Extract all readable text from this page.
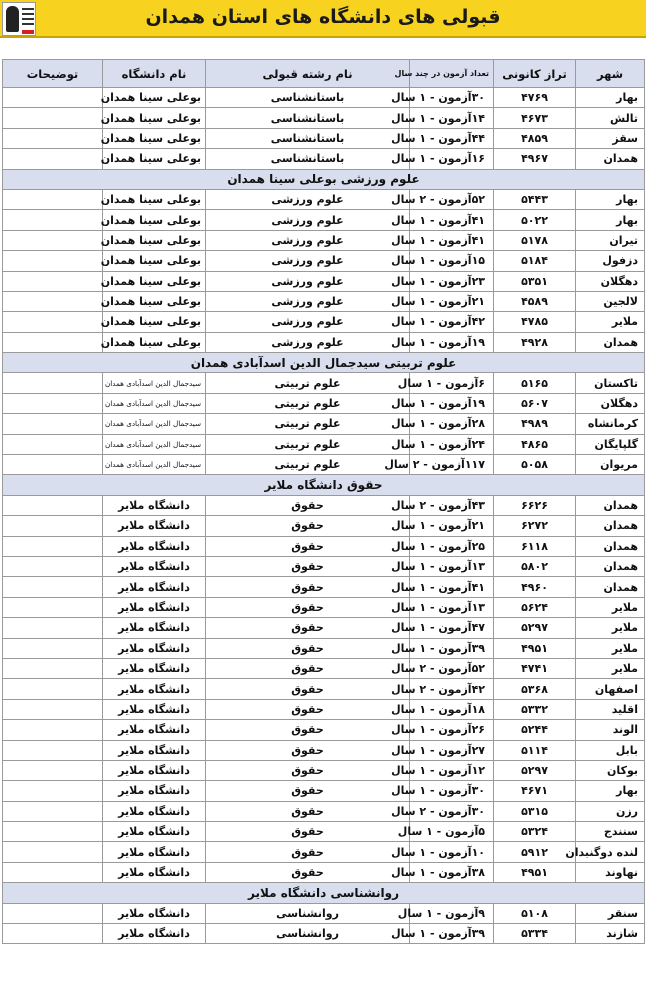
قبولی های دانشگاه های استان همدان
شهر	تراز کانونی	تعداد آزمون در چند سال	نام رشته قبولی	نام دانشگاه	توضیحات
بهار	۴۷۶۹	۳۰آزمون - ۱ سال	باستانشناسی	بوعلی سینا همدان	
تالش	۴۶۷۳	۱۴آزمون - ۱ سال	باستانشناسی	بوعلی سینا همدان	
سقز	۴۸۵۹	۴۴آزمون - ۱ سال	باستانشناسی	بوعلی سینا همدان	
همدان	۴۹۶۷	۱۶آزمون - ۱ سال	باستانشناسی	بوعلی سینا همدان	
علوم ورزشی بوعلی سینا همدان					
بهار	۵۴۴۳	۵۲آزمون - ۲ سال	علوم ورزشی	بوعلی سینا همدان	
بهار	۵۰۲۲	۴۱آزمون - ۱ سال	علوم ورزشی	بوعلی سینا همدان	
تیران	۵۱۷۸	۴۱آزمون - ۱ سال	علوم ورزشی	بوعلی سینا همدان	
دزفول	۵۱۸۴	۱۵آزمون - ۱ سال	علوم ورزشی	بوعلی سینا همدان	
دهگلان	۵۳۵۱	۲۳آزمون - ۱ سال	علوم ورزشی	بوعلی سینا همدان	
لالجین	۴۵۸۹	۲۱آزمون - ۱ سال	علوم ورزشی	بوعلی سینا همدان	
ملایر	۴۷۸۵	۴۲آزمون - ۱ سال	علوم ورزشی	بوعلی سینا همدان	
همدان	۴۹۲۸	۱۹آزمون - ۱ سال	علوم ورزشی	بوعلی سینا همدان	
علوم تربیتی سیدجمال الدین اسدآبادی همدان					
تاکستان	۵۱۶۵	۶آزمون - ۱ سال	علوم تربیتی	سیدجمال الدین اسدآبادی همدان	
دهگلان	۵۶۰۷	۱۹آزمون - ۱ سال	علوم تربیتی	سیدجمال الدین اسدآبادی همدان	
کرمانشاه	۴۹۸۹	۲۸آزمون - ۱ سال	علوم تربیتی	سیدجمال الدین اسدآبادی همدان	
گلپایگان	۴۸۶۵	۲۴آزمون - ۱ سال	علوم تربیتی	سیدجمال الدین اسدآبادی همدان	
مریوان	۵۰۵۸	۱۱۷آزمون - ۲ سال	علوم تربیتی	سیدجمال الدین اسدآبادی همدان	
حقوق دانشگاه ملایر					
همدان	۶۶۲۶	۴۳آزمون - ۲ سال	حقوق	دانشگاه ملایر	
همدان	۶۲۷۲	۲۱آزمون - ۱ سال	حقوق	دانشگاه ملایر	
همدان	۶۱۱۸	۲۵آزمون - ۱ سال	حقوق	دانشگاه ملایر	
همدان	۵۸۰۲	۱۳آزمون - ۱ سال	حقوق	دانشگاه ملایر	
همدان	۴۹۶۰	۴۱آزمون - ۱ سال	حقوق	دانشگاه ملایر	
ملایر	۵۶۲۴	۱۳آزمون - ۱ سال	حقوق	دانشگاه ملایر	
ملایر	۵۲۹۷	۴۷آزمون - ۱ سال	حقوق	دانشگاه ملایر	
ملایر	۴۹۵۱	۳۹آزمون - ۱ سال	حقوق	دانشگاه ملایر	
ملایر	۴۷۴۱	۵۲آزمون - ۲ سال	حقوق	دانشگاه ملایر	
اصفهان	۵۳۶۸	۴۲آزمون - ۲ سال	حقوق	دانشگاه ملایر	
اقلید	۵۳۳۲	۱۸آزمون - ۱ سال	حقوق	دانشگاه ملایر	
الوند	۵۲۴۴	۲۶آزمون - ۱ سال	حقوق	دانشگاه ملایر	
بابل	۵۱۱۴	۲۷آزمون - ۱ سال	حقوق	دانشگاه ملایر	
بوکان	۵۲۹۷	۱۲آزمون - ۱ سال	حقوق	دانشگاه ملایر	
بهار	۴۶۷۱	۳۰آزمون - ۱ سال	حقوق	دانشگاه ملایر	
رزن	۵۳۱۵	۳۰آزمون - ۲ سال	حقوق	دانشگاه ملایر	
سنندج	۵۳۲۴	۵آزمون - ۱ سال	حقوق	دانشگاه ملایر	
لنده دوگنبدان	۵۹۱۲	۱۰آزمون - ۱ سال	حقوق	دانشگاه ملایر	
نهاوند	۴۹۵۱	۳۸آزمون - ۱ سال	حقوق	دانشگاه ملایر	
روانشناسی دانشگاه ملایر					
سنقر	۵۱۰۸	۹آزمون - ۱ سال	روانشناسی	دانشگاه ملایر	
شازند	۵۳۳۴	۳۹آزمون - ۱ سال	روانشناسی	دانشگاه ملایر	
